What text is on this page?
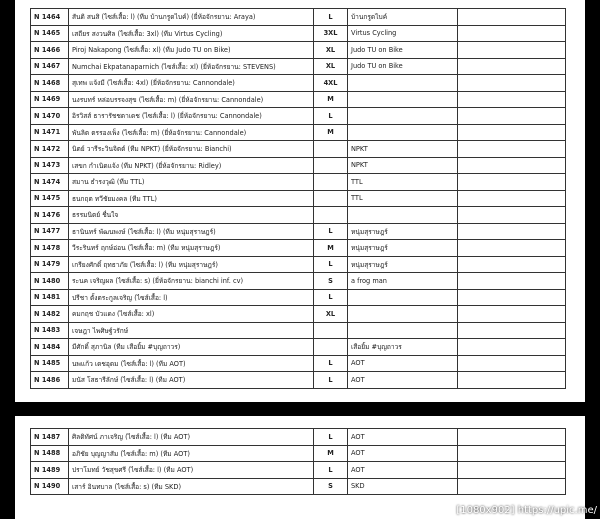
N 1464	สันติ สนสิ (ไซส์เสื้อ: l) (ทีม บ้านกรูดไบค์) (ยี่ห้อจักรยาน: Araya)	L	บ้านกรูดไบค์	
N 1465	เสถียร สงวนศิล (ไซส์เสื้อ: 3xl) (ทีม Virtus Cycling)	3XL	Virtus Cycling	
N 1466	Piroj Nakapong (ไซส์เสื้อ: xl) (ทีม Judo TU on Bike)	XL	Judo TU on Bike	
N 1467	Numchai Ekpatanaparnich (ไซส์เสื้อ: xl) (ยี่ห้อจักรยาน: STEVENS)	XL	Judo TU on Bike	
N 1468	สุเทพ แจ้งมี (ไซส์เสื้อ: 4xl) (ยี่ห้อจักรยาน: Cannondale)	4XL		
N 1469	นงรบทร์ หล่อบรรจงสุข (ไซส์เสื้อ: m) (ยี่ห้อจักรยาน: Cannondale)	M		
N 1470	อิรวิสส์ ธารารัชชตาเดช (ไซส์เสื้อ: l) (ยี่ห้อจักรยาน: Cannondale)	L		
N 1471	พันลิต ตรรองเพ็ง (ไซส์เสื้อ: m) (ยี่ห้อจักรยาน: Cannondale)	M		
N 1472	นิตย์ วารีระวินจิตต์ (ทีม NPKT) (ยี่ห้อจักรยาน: Bianchi)		NPKT	
N 1473	เสขก กำเนิดแจ้ง (ทีม NPKT) (ยี่ห้อจักรยาน: Ridley)		NPKT	
N 1474	สมาน ธำรงวุฒิ (ทีม TTL)		TTL	
N 1475	ธนกฤต ทวีชัยมงคล (ทีม TTL)		TTL	
N 1476	ธรรมนิตย์ ชื่นใจ			
N 1477	ธานินทร์ พัฒนพงษ์ (ไซส์เสื้อ: l) (ทีม หนุ่มสุราษฎร์)	L	หนุ่มสุราษฎร์	
N 1478	วีระรินทร์ ฤกษ์อ่อน (ไซส์เสื้อ: m) (ทีม หนุ่มสุราษฎร์)	M	หนุ่มสุราษฎร์	
N 1479	เกรียงศักดิ์ ฤทธาภัย (ไซส์เสื้อ: l) (ทีม หนุ่มสุราษฎร์)	L	หนุ่มสุราษฎร์	
N 1480	ระนค เจริญผล (ไซส์เสื้อ: s) (ยี่ห้อจักรยาน: bianchi inf. cv)	S	a frog man	
N 1481	ปรีชา ตั้งตระกูลเจริญ (ไซส์เสื้อ: l)	L		
N 1482	คมกฤช บัวแดง (ไซส์เสื้อ: xl)	XL		
N 1483	เจษฎา ไพศิษฐ์วรักษ์			
N 1484	มีศักดิ์ สุภานิล (ทีม เสือยิ้ม #บุญถาวร)		เสือยิ้ม #บุญถาวร	
N 1485	นพแก้ว เดชอุดม (ไซส์เสื้อ: l) (ทีม AOT)	L	AOT	
N 1486	มนัส โสธารีลักษ์ (ไซส์เสื้อ: l) (ทีม AOT)	L	AOT	
N 1487	ศิลติทัศน์ ภาเจริญ (ไซส์เสื้อ: l) (ทีม AOT)	L	AOT	
N 1488	อภิชัย บุญญาสัม (ไซส์เสื้อ: m) (ทีม AOT)	M	AOT	
N 1489	ปราโมทย์ วัชสุขศรี (ไซส์เสื้อ: l) (ทีม AOT)	L	AOT	
N 1490	เสาร์ อินทบาล (ไซส์เสื้อ: s) (ทีม SKD)	S	SKD	
[1080x902] https://upic.me/
